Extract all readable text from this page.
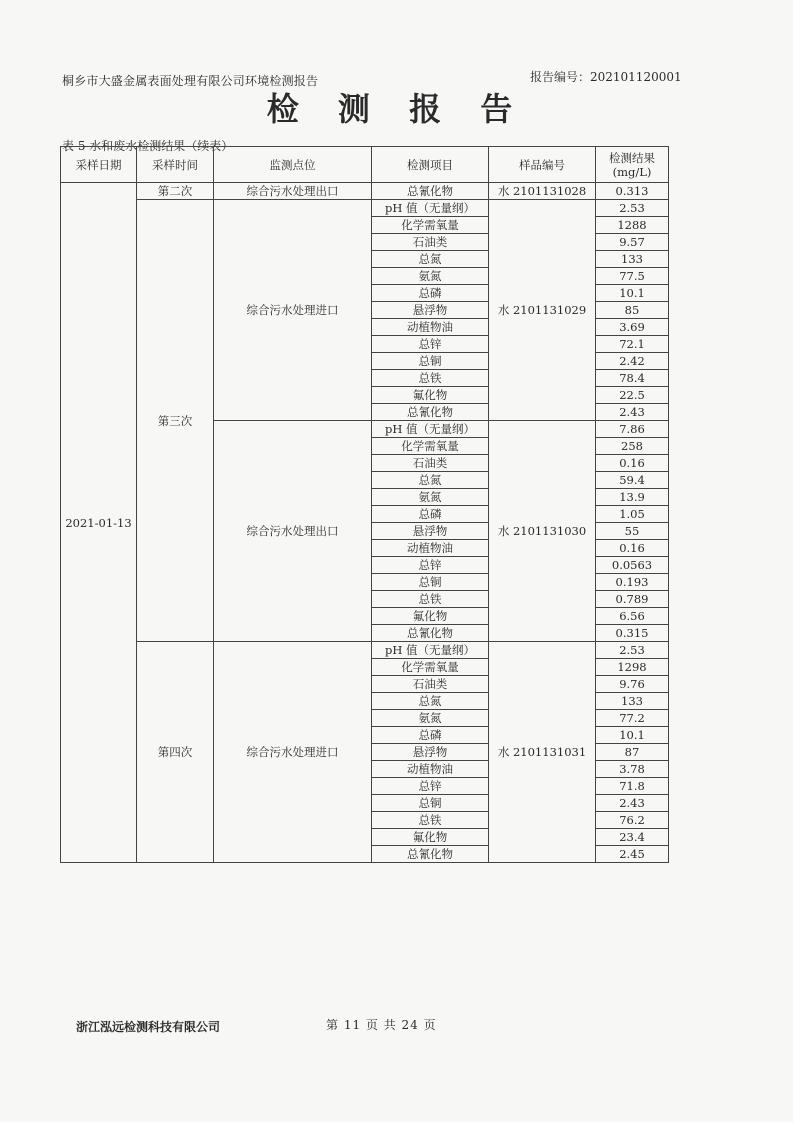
桐乡市大盛金属表面处理有限公司环境检测报告	报告编号：202101120001
检 测 报 告
表 5 水和废水检测结果（续表）
采样日期	采样时间	监测点位	检测项目	样品编号	检测结果
(mg/L)
2021-01-13	第二次	综合污水处理出口	总氰化物	水 2101131028	0.313
	第三次	综合污水处理进口	pH 值（无量纲）	水 2101131029	2.53
			化学需氧量		1288
			石油类		9.57
			总氮		133
			氨氮		77.5
			总磷		10.1
			悬浮物		85
			动植物油		3.69
			总锌		72.1
			总铜		2.42
			总铁		78.4
			氟化物		22.5
			总氰化物		2.43
		综合污水处理出口	pH 值（无量纲）	水 2101131030	7.86
			化学需氧量		258
			石油类		0.16
			总氮		59.4
			氨氮		13.9
			总磷		1.05
			悬浮物		55
			动植物油		0.16
			总锌		0.0563
			总铜		0.193
			总铁		0.789
			氟化物		6.56
			总氰化物		0.315
	第四次	综合污水处理进口	pH 值（无量纲）	水 2101131031	2.53
			化学需氧量		1298
			石油类		9.76
			总氮		133
			氨氮		77.2
			总磷		10.1
			悬浮物		87
			动植物油		3.78
			总锌		71.8
			总铜		2.43
			总铁		76.2
			氟化物		23.4
			总氰化物		2.45
浙江泓远检测科技有限公司	第 11 页 共 24 页
